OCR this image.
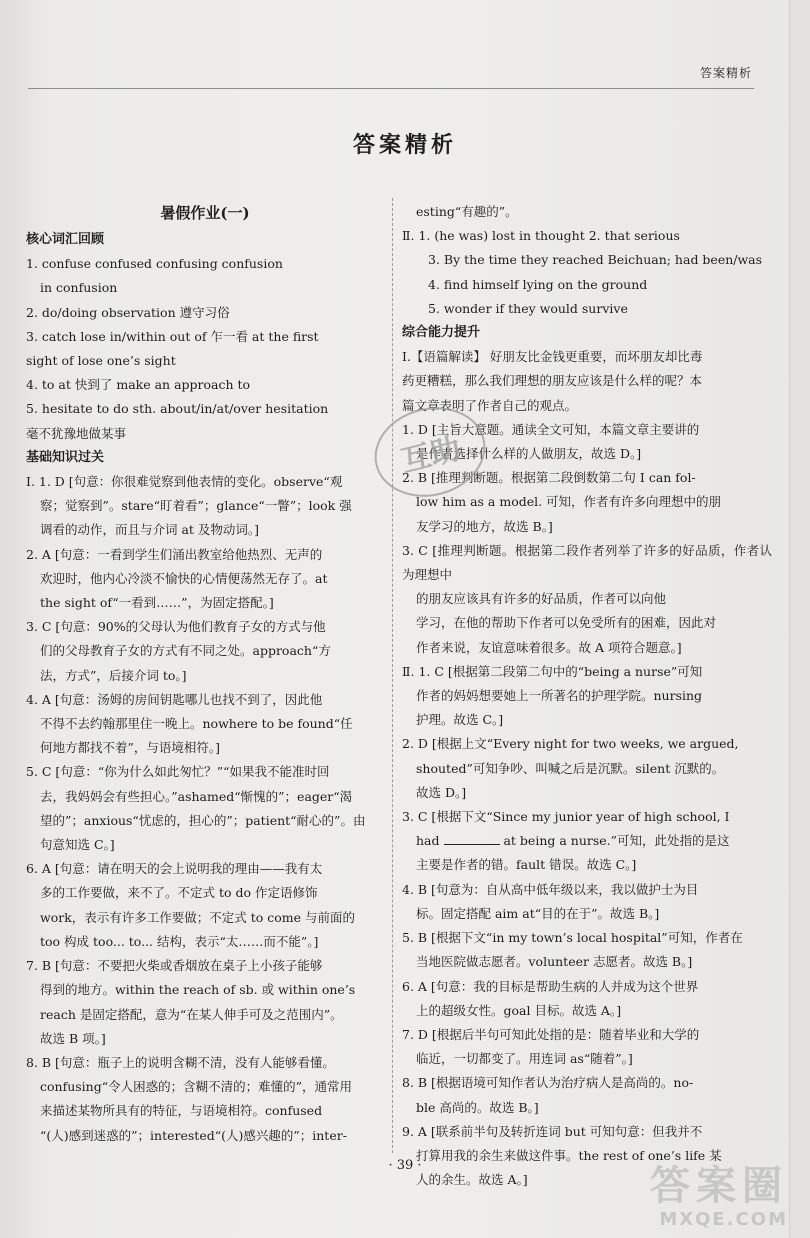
答案精析
答案精析
暑假作业(一)
核心词汇回顾
1. confuse confused confusing confusion
in confusion
2. do/doing observation 遵守习俗
3. catch lose in/within out of 乍一看 at the first
sight of lose one’s sight
4. to at 快到了 make an approach to
5. hesitate to do sth. about/in/at/over hesitation
毫不犹豫地做某事
基础知识过关
Ⅰ. 1. D [句意：你很难觉察到他表情的变化。observe“观
察；觉察到”。stare“盯着看”；glance“一瞥”；look 强
调看的动作，而且与介词 at 及物动词。]
2. A [句意：一看到学生们涌出教室给他热烈、无声的
欢迎时，他内心冷淡不愉快的心情便荡然无存了。at
the sight of“一看到……”，为固定搭配。]
3. C [句意：90%的父母认为他们教育子女的方式与他
们的父母教育子女的方式有不同之处。approach“方
法，方式”，后接介词 to。]
4. A [句意：汤姆的房间钥匙哪儿也找不到了，因此他
不得不去约翰那里住一晚上。nowhere to be found“任
何地方都找不着”，与语境相符。]
5. C [句意：“你为什么如此匆忙？”“如果我不能准时回
去，我妈妈会有些担心。”ashamed“惭愧的”；eager“渴
望的”；anxious“忧虑的，担心的”；patient“耐心的”。由
句意知选 C。]
6. A [句意：请在明天的会上说明我的理由——我有太
多的工作要做，来不了。不定式 to do 作定语修饰
work，表示有许多工作要做；不定式 to come 与前面的
too 构成 too... to... 结构，表示“太……而不能”。]
7. B [句意：不要把火柴或香烟放在桌子上小孩子能够
得到的地方。within the reach of sb. 或 within one’s
reach 是固定搭配，意为“在某人伸手可及之范围内”。
故选 B 项。]
8. B [句意：瓶子上的说明含糊不清，没有人能够看懂。
confusing“令人困惑的；含糊不清的；难懂的”，通常用
来描述某物所具有的特征，与语境相符。confused
“(人)感到迷惑的”；interested“(人)感兴趣的”；inter-
esting“有趣的”。
Ⅱ. 1. (he was) lost in thought 2. that serious
3. By the time they reached Beichuan; had been/was
4. find himself lying on the ground
5. wonder if they would survive
综合能力提升
Ⅰ.【语篇解读】 好朋友比金钱更重要，而坏朋友却比毒
药更糟糕，那么我们理想的朋友应该是什么样的呢？本
篇文章表明了作者自己的观点。
1. D [主旨大意题。通读全文可知，本篇文章主要讲的
是作者选择什么样的人做朋友，故选 D。]
2. B [推理判断题。根据第二段倒数第二句 I can fol-
low him as a model. 可知，作者有许多向理想中的朋
友学习的地方，故选 B。]
3. C [推理判断题。根据第二段作者列举了许多的好品质，作者认为理想中
的朋友应该具有许多的好品质，作者可以向他
学习，在他的帮助下作者可以免受所有的困难，因此对
作者来说，友谊意味着很多。故 A 项符合题意。]
Ⅱ. 1. C [根据第二段第二句中的“being a nurse”可知
作者的妈妈想要她上一所著名的护理学院。nursing
护理。故选 C。]
2. D [根据上文“Every night for two weeks, we argued,
shouted”可知争吵、叫喊之后是沉默。silent 沉默的。
故选 D。]
3. C [根据下文“Since my junior year of high school, I
had	at being a nurse.”可知，此处指的是这
主要是作者的错。fault 错误。故选 C。]
4. B [句意为：自从高中低年级以来，我以做护士为目
标。固定搭配 aim at“目的在于”。故选 B。]
5. B [根据下文“in my town’s local hospital”可知，作者在
当地医院做志愿者。volunteer 志愿者。故选 B。]
6. A [句意：我的目标是帮助生病的人并成为这个世界
上的超级女性。goal 目标。故选 A。]
7. D [根据后半句可知此处指的是：随着毕业和大学的
临近，一切都变了。用连词 as“随着”。]
8. B [根据语境可知作者认为治疗病人是高尚的。no-
ble 高尚的。故选 B。]
9. A [联系前半句及转折连词 but 可知句意：但我并不
打算用我的余生来做这件事。the rest of one’s life 某
人的余生。故选 A。]
互助
· 39 ·	答案圈
MXQE.COM
